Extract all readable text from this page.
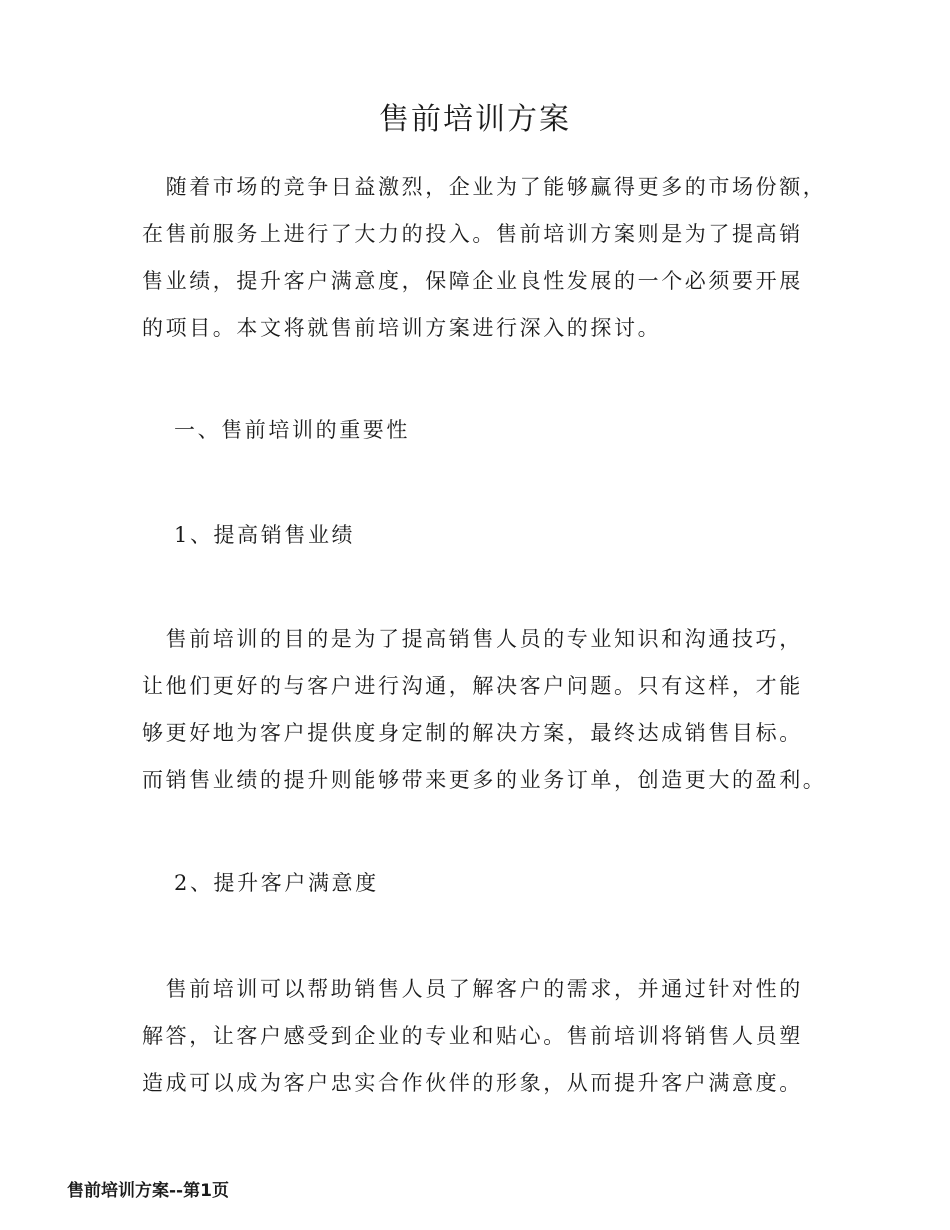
售前培训方案

　随着市场的竞争日益激烈，企业为了能够赢得更多的市场份额，
在售前服务上进行了大力的投入。售前培训方案则是为了提高销
售业绩，提升客户满意度，保障企业良性发展的一个必须要开展
的项目。本文将就售前培训方案进行深入的探讨。

一、售前培训的重要性
1、提高销售业绩

　售前培训的目的是为了提高销售人员的专业知识和沟通技巧，
让他们更好的与客户进行沟通，解决客户问题。只有这样，才能
够更好地为客户提供度身定制的解决方案，最终达成销售目标。
而销售业绩的提升则能够带来更多的业务订单，创造更大的盈利。

2、提升客户满意度

　售前培训可以帮助销售人员了解客户的需求，并通过针对性的
解答，让客户感受到企业的专业和贴心。售前培训将销售人员塑
造成可以成为客户忠实合作伙伴的形象，从而提升客户满意度。

售前培训方案--第1页
